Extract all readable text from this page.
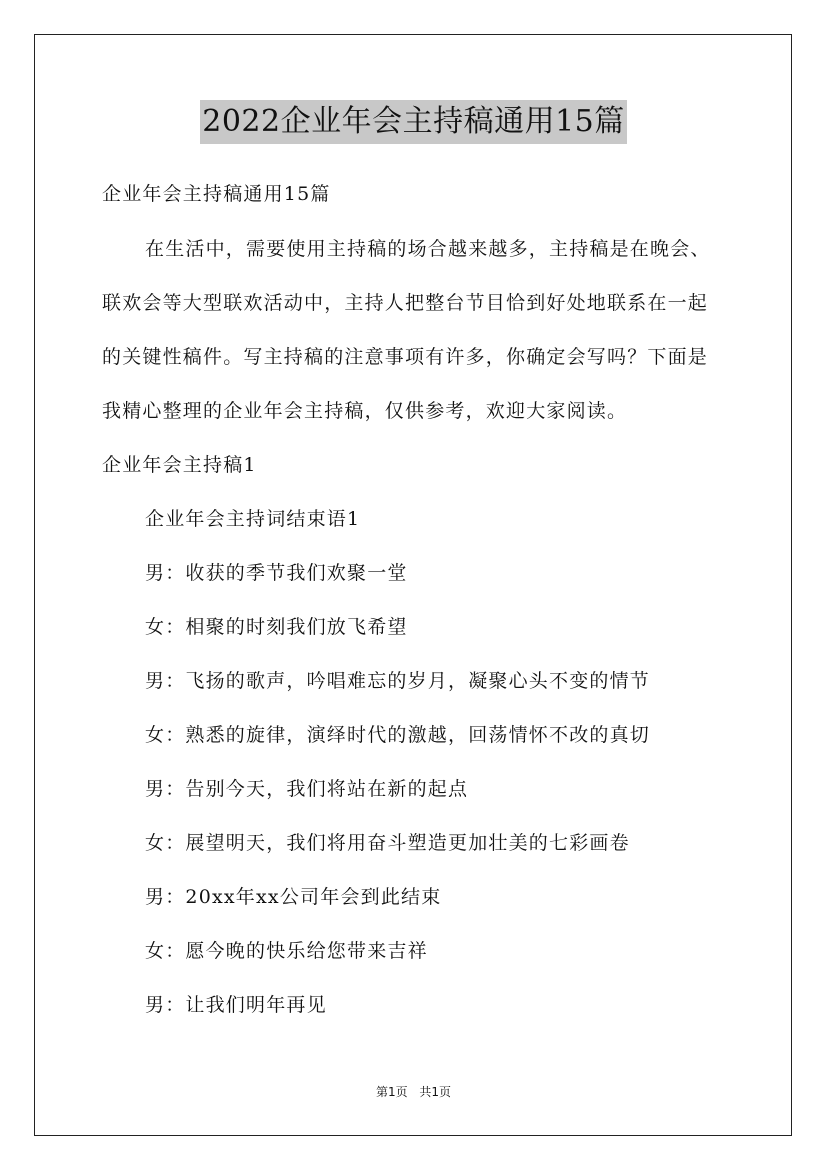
2022企业年会主持稿通用15篇
企业年会主持稿通用15篇
在生活中，需要使用主持稿的场合越来越多，主持稿是在晚会、
联欢会等大型联欢活动中，主持人把整台节目恰到好处地联系在一起
的关键性稿件。写主持稿的注意事项有许多，你确定会写吗？下面是
我精心整理的企业年会主持稿，仅供参考，欢迎大家阅读。
企业年会主持稿1
企业年会主持词结束语1
男：收获的季节我们欢聚一堂
女：相聚的时刻我们放飞希望
男：飞扬的歌声，吟唱难忘的岁月，凝聚心头不变的情节
女：熟悉的旋律，演绎时代的激越，回荡情怀不改的真切
男：告别今天，我们将站在新的起点
女：展望明天，我们将用奋斗塑造更加壮美的七彩画卷
男：20xx年xx公司年会到此结束
女：愿今晚的快乐给您带来吉祥
男：让我们明年再见
第1页 共1页
